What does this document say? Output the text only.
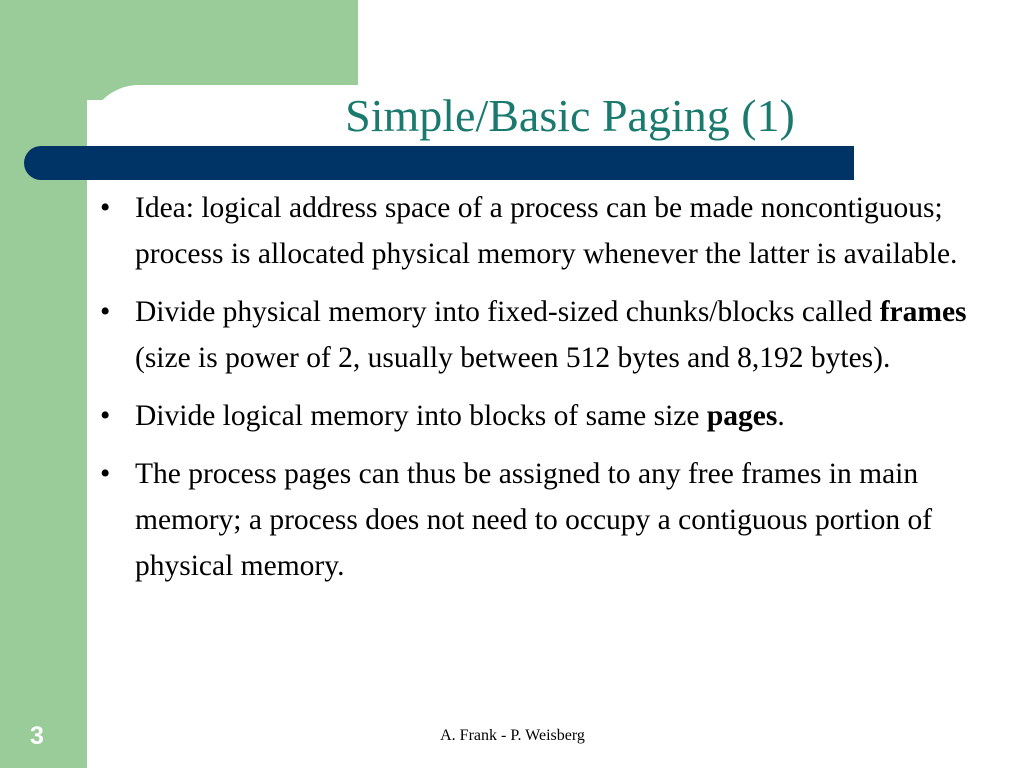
Simple/Basic Paging (1)
• Idea: logical address space of a process can be made noncontiguous; process is allocated physical memory whenever the latter is available.
• Divide physical memory into fixed-sized chunks/blocks called frames (size is power of 2, usually between 512 bytes and 8,192 bytes).
• Divide logical memory into blocks of same size pages.
• The process pages can thus be assigned to any free frames in main memory; a process does not need to occupy a contiguous portion of physical memory.
3	A. Frank - P. Weisberg
